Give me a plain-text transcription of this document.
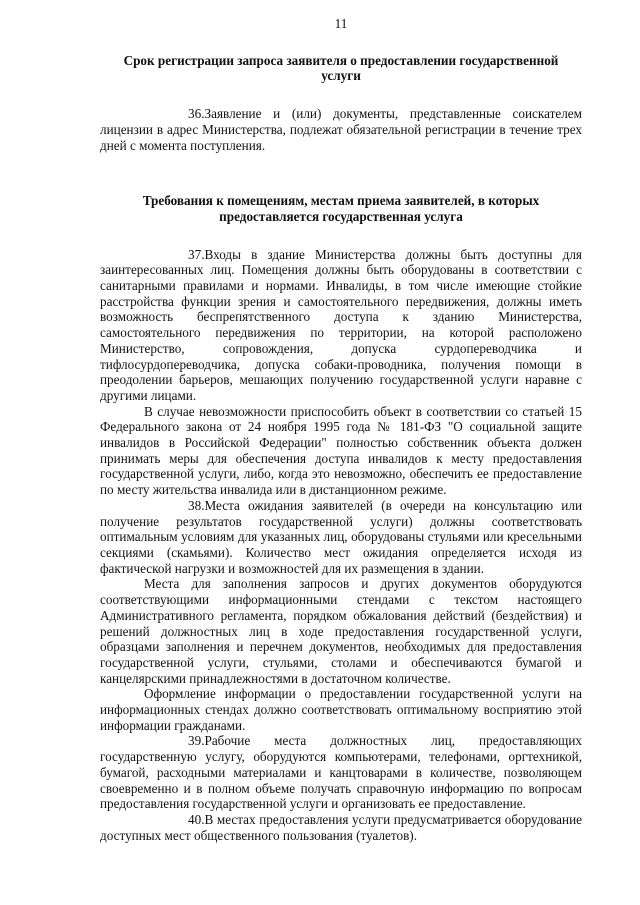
11
Срок регистрации запроса заявителя о предоставлении государственной услуги

36.Заявление и (или) документы, представленные соискателем лицензии в адрес Министерства, подлежат обязательной регистрации в течение трех дней с момента поступления.

Требования к помещениям, местам приема заявителей, в которых предоставляется государственная услуга

37.Входы в здание Министерства должны быть доступны для заинтересованных лиц. Помещения должны быть оборудованы в соответствии с санитарными правилами и нормами. Инвалиды, в том числе имеющие стойкие расстройства функции зрения и самостоятельного передвижения, должны иметь возможность беспрепятственного доступа к зданию Министерства, самостоятельного передвижения по территории, на которой расположено Министерство, сопровождения, допуска сурдопереводчика и тифлосурдопереводчика, допуска собаки-проводника, получения помощи в преодолении барьеров, мешающих получению государственной услуги наравне с другими лицами.

В случае невозможности приспособить объект в соответствии со статьей 15 Федерального закона от 24 ноября 1995 года № 181-ФЗ "О социальной защите инвалидов в Российской Федерации" полностью собственник объекта должен принимать меры для обеспечения доступа инвалидов к месту предоставления государственной услуги, либо, когда это невозможно, обеспечить ее предоставление по месту жительства инвалида или в дистанционном режиме.

38.Места ожидания заявителей (в очереди на консультацию или получение результатов государственной услуги) должны соответствовать оптимальным условиям для указанных лиц, оборудованы стульями или кресельными секциями (скамьями). Количество мест ожидания определяется исходя из фактической нагрузки и возможностей для их размещения в здании.

Места для заполнения запросов и других документов оборудуются соответствующими информационными стендами с текстом настоящего Административного регламента, порядком обжалования действий (бездействия) и решений должностных лиц в ходе предоставления государственной услуги, образцами заполнения и перечнем документов, необходимых для предоставления государственной услуги, стульями, столами и обеспечиваются бумагой и канцелярскими принадлежностями в достаточном количестве.

Оформление информации о предоставлении государственной услуги на информационных стендах должно соответствовать оптимальному восприятию этой информации гражданами.

39.Рабочие места должностных лиц, предоставляющих государственную услугу, оборудуются компьютерами, телефонами, оргтехникой, бумагой, расходными материалами и канцтоварами в количестве, позволяющем своевременно и в полном объеме получать справочную информацию по вопросам предоставления государственной услуги и организовать ее предоставление.

40.В местах предоставления услуги предусматривается оборудование доступных мест общественного пользования (туалетов).
